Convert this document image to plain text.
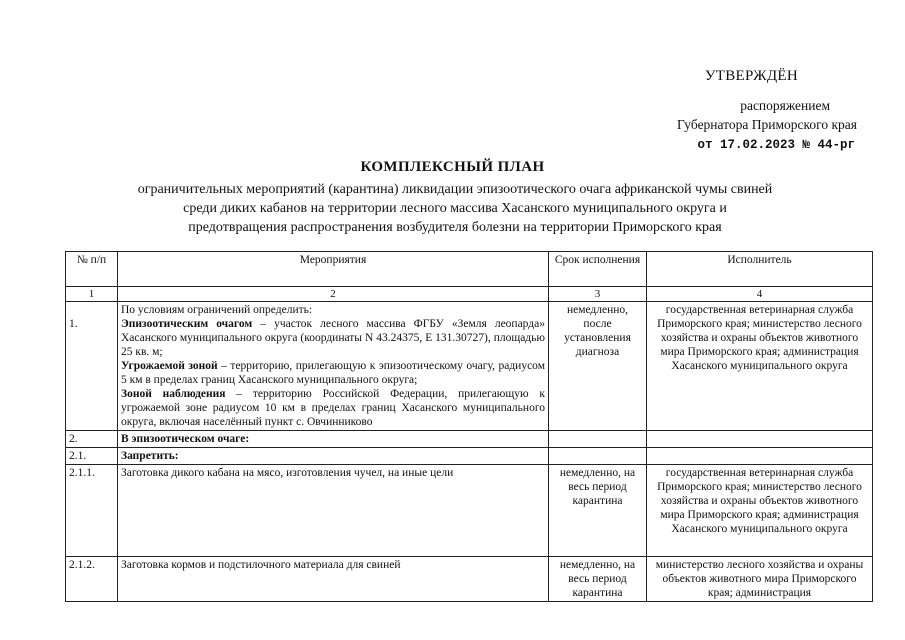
УТВЕРЖДЁН
распоряжением
Губернатора Приморского края
от 17.02.2023 № 44-рг
КОМПЛЕКСНЫЙ ПЛАН
ограничительных мероприятий (карантина) ликвидации эпизоотического очага африканской чумы свиней
среди диких кабанов на территории лесного массива Хасанского муниципального округа и
предотвращения распространения возбудителя болезни на территории Приморского края
№ п/п	Мероприятия	Срок исполнения	Исполнитель
1	2	3	4

1.	По условиям ограничений определить:
Эпизоотическим очагом – участок лесного массива ФГБУ «Земля леопарда» Хасанского муниципального округа (координаты N 43.24375, Е 131.30727), площадью 25 кв. м;
Угрожаемой зоной – территорию, прилегающую к эпизоотическому очагу, радиусом 5 км в пределах границ Хасанского муниципального округа;
Зоной наблюдения – территорию Российской Федерации, прилегающую к угрожаемой зоне радиусом 10 км в пределах границ Хасанского муниципального округа, включая населённый пункт с. Овчинниково	немедленно, после установления диагноза	государственная ветеринарная служба Приморского края; министерство лесного хозяйства и охраны объектов животного мира Приморского края; администрация Хасанского муниципального округа
2.	В эпизоотическом очаге:		
2.1.	Запретить:		
2.1.1.	Заготовка дикого кабана на мясо, изготовления чучел, на иные цели	немедленно, на весь период карантина	государственная ветеринарная служба Приморского края; министерство лесного хозяйства и охраны объектов животного мира Приморского края; администрация Хасанского муниципального округа
2.1.2.	Заготовка кормов и подстилочного материала для свиней	немедленно, на весь период карантина	министерство лесного хозяйства и охраны объектов животного мира Приморского края; администрация
